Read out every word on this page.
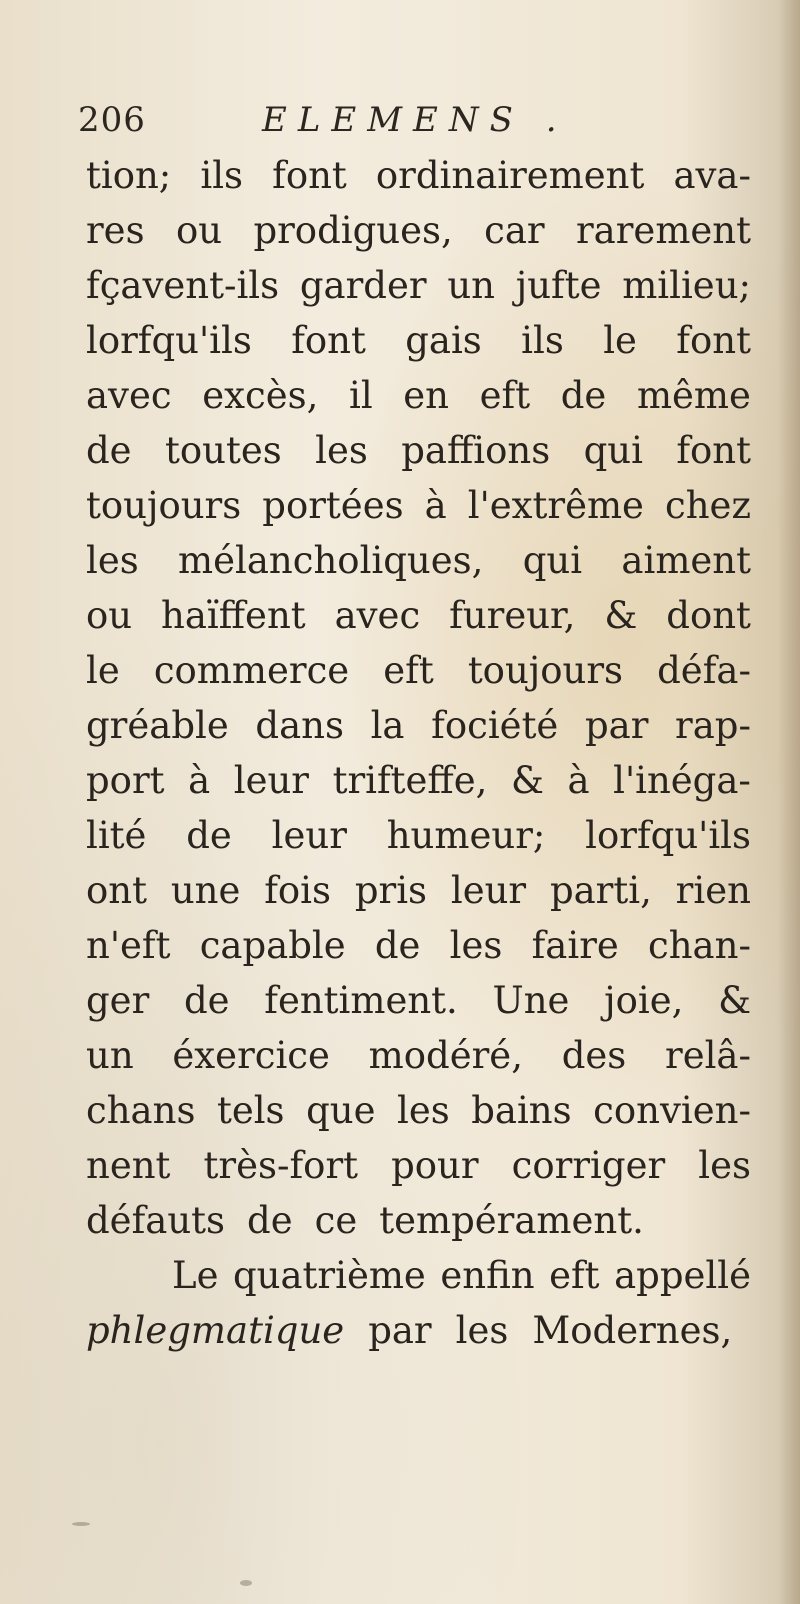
206	ELEMENS .
tion; ils font ordinairement ava-
res ou prodigues, car rarement
fçavent-ils garder un jufte milieu;
lorfqu'ils font gais ils le font
avec excès, il en eft de même
de toutes les paffions qui font
toujours portées à l'extrême chez
les mélancholiques, qui aiment
ou haïffent avec fureur, & dont
le commerce eft toujours défa-
gréable dans la fociété par rap-
port à leur trifteffe, & à l'inéga-
lité de leur humeur; lorfqu'ils
ont une fois pris leur parti, rien
n'eft capable de les faire chan-
ger de fentiment. Une joie, &
un éxercice modéré, des relâ-
chans tels que les bains convien-
nent très-fort pour corriger les
défauts de ce tempérament.
Le quatrième enfin eft appellé
phlegmatique par les Modernes,
